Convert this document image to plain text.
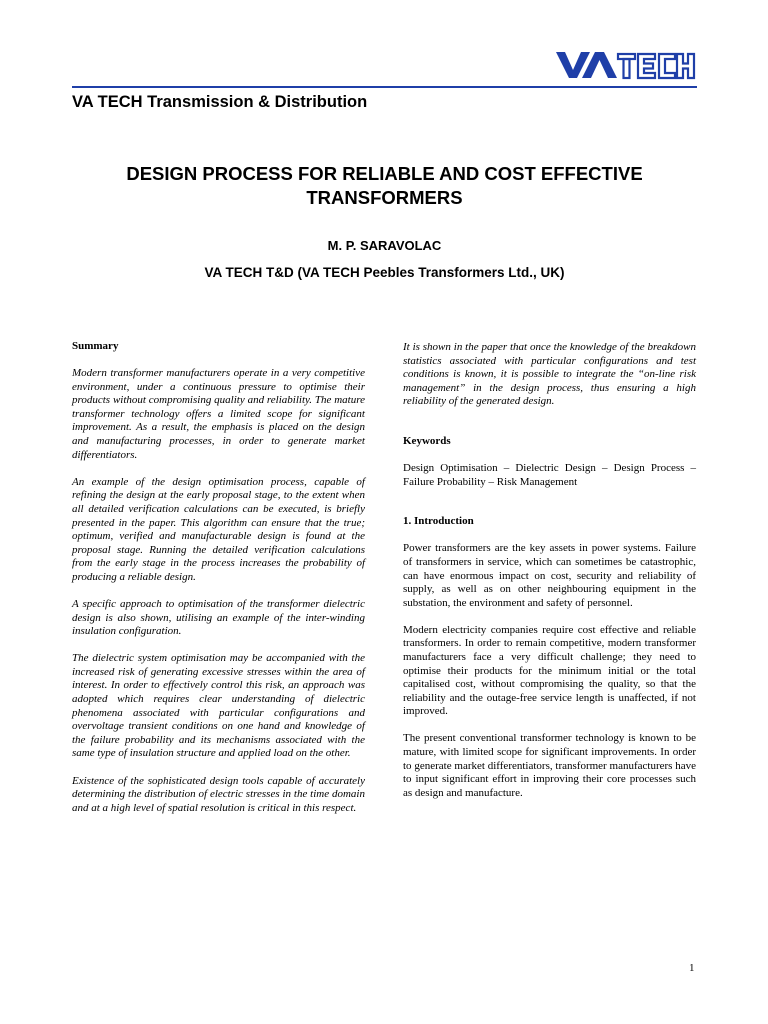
VA TECH Transmission & Distribution

DESIGN PROCESS FOR RELIABLE AND COST EFFECTIVE TRANSFORMERS

M. P. SARAVOLAC

VA TECH T&D (VA TECH Peebles Transformers Ltd., UK)

Summary

Modern transformer manufacturers operate in a very competitive environment, under a continuous pressure to optimise their products without compromising quality and reliability. The mature transformer technology offers a limited scope for significant improvement. As a result, the emphasis is placed on the design and manufacturing processes, in order to generate market differentiators.

An example of the design optimisation process, capable of refining the design at the early proposal stage, to the extent when all detailed verification calculations can be executed, is briefly presented in the paper. This algorithm can ensure that the true; optimum, verified and manufacturable design is found at the proposal stage. Running the detailed verification calculations from the early stage in the process increases the probability of producing a reliable design.

A specific approach to optimisation of the transformer dielectric design is also shown, utilising an example of the inter-winding insulation configuration.

The dielectric system optimisation may be accompanied with the increased risk of generating excessive stresses within the area of interest. In order to effectively control this risk, an approach was adopted which requires clear understanding of dielectric phenomena associated with particular configurations and overvoltage transient conditions on one hand and knowledge of the failure probability and its mechanisms associated with the same type of insulation structure and applied load on the other.

Existence of the sophisticated design tools capable of accurately determining the distribution of electric stresses in the time domain and at a high level of spatial resolution is critical in this respect.

It is shown in the paper that once the knowledge of the breakdown statistics associated with particular configurations and test conditions is known, it is possible to integrate the “on-line risk management” in the design process, thus ensuring a high reliability of the generated design.

Keywords

Design Optimisation – Dielectric Design – Design Process – Failure Probability – Risk Management

1. Introduction

Power transformers are the key assets in power systems. Failure of transformers in service, which can sometimes be catastrophic, can have enormous impact on cost, security and reliability of supply, as well as on other neighbouring equipment in the substation, the environment and safety of personnel.

Modern electricity companies require cost effective and reliable transformers. In order to remain competitive, modern transformer manufacturers face a very difficult challenge; they need to optimise their products for the minimum initial or the total capitalised cost, without compromising the quality, so that the reliability and the outage-free service length is unaffected, if not improved.

The present conventional transformer technology is known to be mature, with limited scope for significant improvements. In order to generate market differentiators, transformer manufacturers have to input significant effort in improving their core processes such as design and manufacture.

1
